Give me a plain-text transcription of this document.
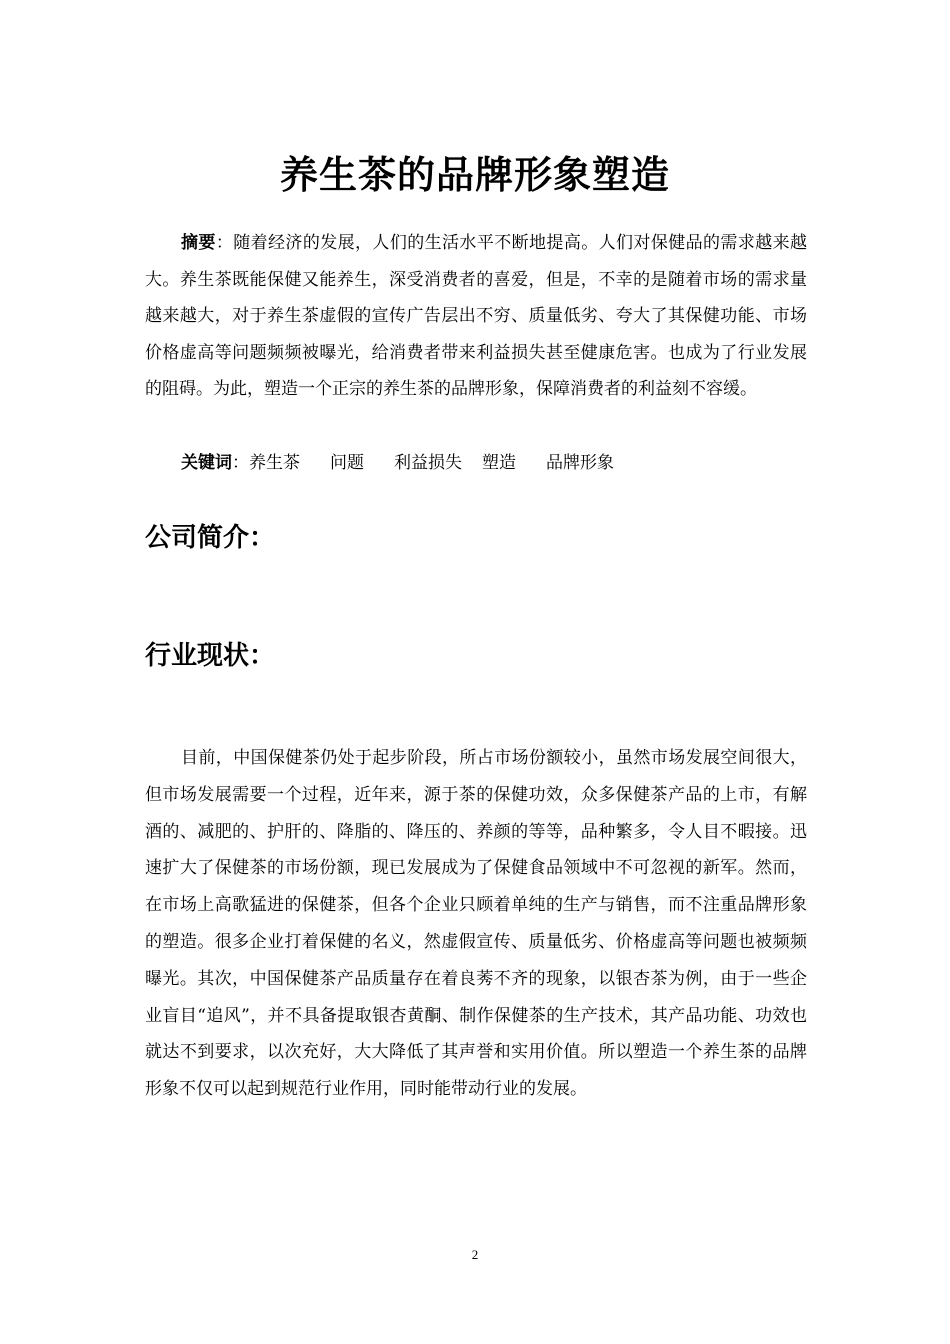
养生茶的品牌形象塑造

摘要：随着经济的发展，人们的生活水平不断地提高。人们对保健品的需求越来越大。养生茶既能保健又能养生，深受消费者的喜爱，但是，不幸的是随着市场的需求量越来越大，对于养生茶虚假的宣传广告层出不穷、质量低劣、夸大了其保健功能、市场价格虚高等问题频频被曝光，给消费者带来利益损失甚至健康危害。也成为了行业发展的阻碍。为此，塑造一个正宗的养生茶的品牌形象，保障消费者的利益刻不容缓。

关键词：养生茶 问题 利益损失 塑造 品牌形象
公司简介：
行业现状：

目前，中国保健茶仍处于起步阶段，所占市场份额较小，虽然市场发展空间很大，但市场发展需要一个过程，近年来，源于茶的保健功效，众多保健茶产品的上市，有解酒的、减肥的、护肝的、降脂的、降压的、养颜的等等，品种繁多，令人目不暇接。迅速扩大了保健茶的市场份额，现已发展成为了保健食品领域中不可忽视的新军。然而，在市场上高歌猛进的保健茶，但各个企业只顾着单纯的生产与销售，而不注重品牌形象的塑造。很多企业打着保健的名义，然虚假宣传、质量低劣、价格虚高等问题也被频频曝光。其次，中国保健茶产品质量存在着良莠不齐的现象，以银杏茶为例，由于一些企业盲目“追风”，并不具备提取银杏黄酮、制作保健茶的生产技术，其产品功能、功效也就达不到要求，以次充好，大大降低了其声誉和实用价值。所以塑造一个养生茶的品牌形象不仅可以起到规范行业作用，同时能带动行业的发展。

2
